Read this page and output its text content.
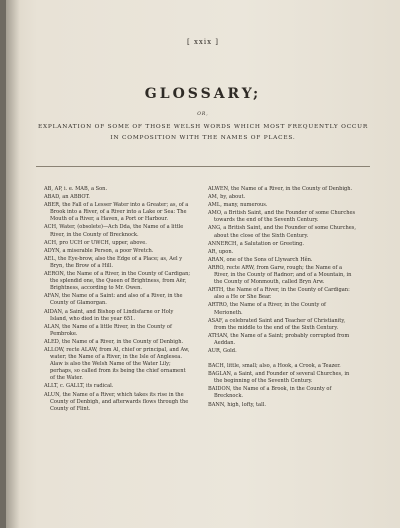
[ xxix ]
GLOSSARY;
OR,
EXPLANATION OF SOME OF THOSE WELSH WORDS WHICH MOST FREQUENTLY OCCUR IN COMPOSITION WITH THE NAMES OF PLACES.

AB, AP, i. e. MAB, a Son.

ABAD, an ABBOT.

ABER, the Fall of a Lesser Water into a Greater; as, of a Brook into a River, of a River into a Lake or Sea: The Mouth of a River, a Haven, a Port or Harbour.

ACH, Water, (obsolete)—Ach Dda, the Name of a little River, in the County of Brecknock.

ACH, pro UCH or UWCH, upper, above.

ADYN, a miserable Person, a poor Wretch.

AEL, the Eye-brow, also the Edge of a Place; as, Ael y Bryn, the Brow of a Hill.

AERON, the Name of a River, in the County of Cardigan; the splendid one, the Queen of Brightness, from Aër, Brightness, according to Mr. Owen.

AFAN, the Name of a Saint: and also of a River, in the County of Glamorgan.

AIDAN, a Saint, and Bishop of Lindisfarne or Holy Island, who died in the year 651.

ALAN, the Name of a little River, in the County of Pembroke.

ALED, the Name of a River, in the County of Denbigh.

ALLOW, recte ALAW, from Al, chief or principal, and Aw, water; the Name of a River, in the Isle of Anglesea. Alaw is also the Welsh Name of the Water Lily; perhaps, so called from its being the chief ornament of the Water.

ALLT, c. GALLT, its radical.

ALUN, the Name of a River, which takes its rise in the County of Denbigh, and afterwards flows through the County of Flint.

ALWEN, the Name of a River, in the County of Denbigh.

AM, by, about.

AML, many, numerous.

AMO, a British Saint, and the Founder of some Churches towards the end of the Seventh Century.

ANG, a British Saint, and the Founder of some Churches, about the close of the Sixth Century.

ANNERCH, a Salutation or Greeting.

AR, upon.

ARAN, one of the Sons of Llywarch Hên.

ARRO, recte ARW, from Garw, rough; the Name of a River, in the County of Radnor; and of a Mountain, in the County of Monmouth, called Bryn Arw.

ARTH, the Name of a River, in the County of Cardigan: also a He or She Bear.

ARTRO, the Name of a River, in the County of Merioneth.

ASAF, a celebrated Saint and Teacher of Christianity, from the middle to the end of the Sixth Century.

ATHAN, the Name of a Saint; probably corrupted from Aeddan.

AUR, Gold.

BACH, little, small; also, a Hook, a Crook, a Teazer.

BAGLAN, a Saint, and Founder of several Churches, in the beginning of the Seventh Century.

BAIDON, the Name of a Brook, in the County of Brecknock.

BANN, high, lofty, tall.
